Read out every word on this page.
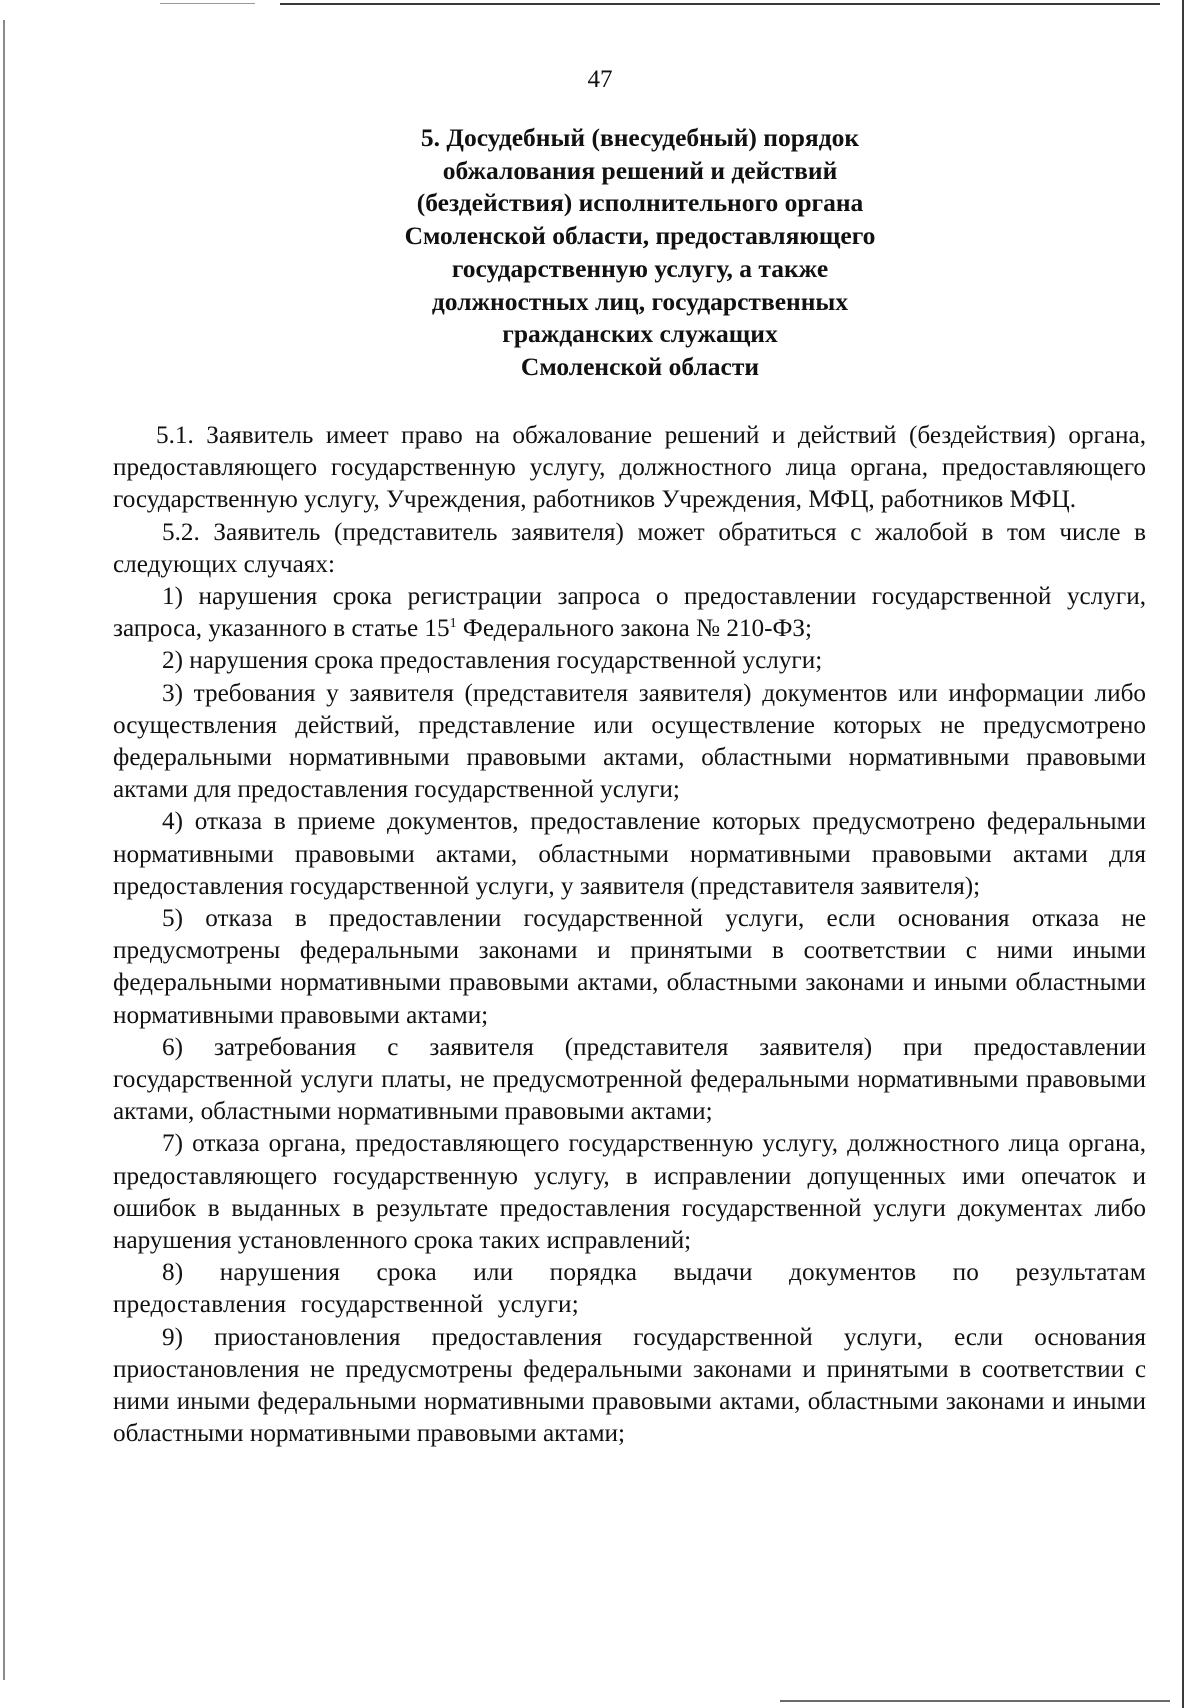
47
5. Досудебный (внесудебный) порядок
обжалования решений и действий
(бездействия) исполнительного органа
Смоленской области, предоставляющего
государственную услугу, а также
должностных лиц, государственных
гражданских служащих
Смоленской области

5.1. Заявитель имеет право на обжалование решений и действий (бездействия) органа, предоставляющего государственную услугу, должностного лица органа, предоставляющего государственную услугу, Учреждения, работников Учреждения, МФЦ, работников МФЦ.

5.2. Заявитель (представитель заявителя) может обратиться с жалобой в том числе в следующих случаях:

1) нарушения срока регистрации запроса о предоставлении государственной услуги, запроса, указанного в статье $15^1$ Федерального закона № 210-ФЗ;

2) нарушения срока предоставления государственной услуги;

3) требования у заявителя (представителя заявителя) документов или информации либо осуществления действий, представление или осуществление которых не предусмотрено федеральными нормативными правовыми актами, областными нормативными правовыми актами для предоставления государственной услуги;

4) отказа в приеме документов, предоставление которых предусмотрено федеральными нормативными правовыми актами, областными нормативными правовыми актами для предоставления государственной услуги, у заявителя (представителя заявителя);

5) отказа в предоставлении государственной услуги, если основания отказа не предусмотрены федеральными законами и принятыми в соответствии с ними иными федеральными нормативными правовыми актами, областными законами и иными областными нормативными правовыми актами;

6) затребования с заявителя (представителя заявителя) при предоставлении государственной услуги платы, не предусмотренной федеральными нормативными правовыми актами, областными нормативными правовыми актами;

7) отказа органа, предоставляющего государственную услугу, должностного лица органа, предоставляющего государственную услугу, в исправлении допущенных ими опечаток и ошибок в выданных в результате предоставления государственной услуги документах либо нарушения установленного срока таких исправлений;

8) нарушения срока или порядка выдачи документов по результатам предоставления государственной услуги;

9) приостановления предоставления государственной услуги, если основания приостановления не предусмотрены федеральными законами и принятыми в соответствии с ними иными федеральными нормативными правовыми актами, областными законами и иными областными нормативными правовыми актами;
